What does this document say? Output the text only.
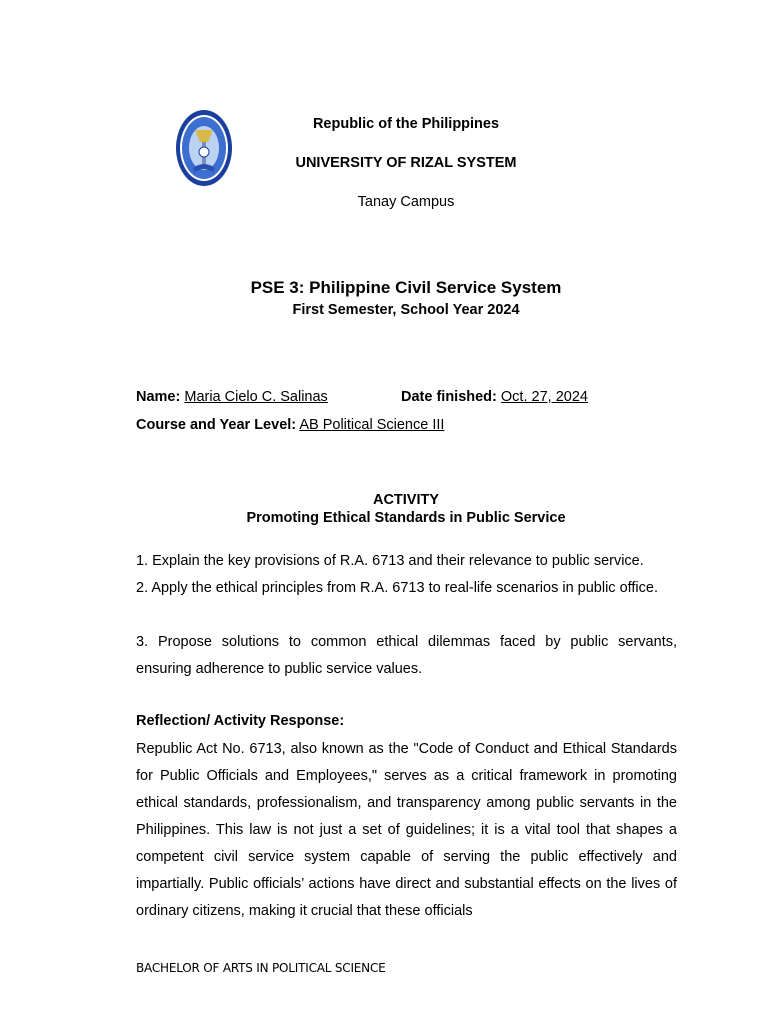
Republic of the Philippines
UNIVERSITY OF RIZAL SYSTEM
Tanay Campus
PSE 3: Philippine Civil Service System
First Semester, School Year 2024
Name: Maria Cielo C. Salinas	Date finished: Oct. 27, 2024
Course and Year Level: AB Political Science III
ACTIVITY
Promoting Ethical Standards in Public Service
1. Explain the key provisions of R.A. 6713 and their relevance to public service.
2. Apply the ethical principles from R.A. 6713 to real-life scenarios in public office.
3. Propose solutions to common ethical dilemmas faced by public servants, ensuring adherence to public service values.
Reflection/ Activity Response:
Republic Act No. 6713, also known as the "Code of Conduct and Ethical Standards for Public Officials and Employees," serves as a critical framework in promoting ethical standards, professionalism, and transparency among public servants in the Philippines. This law is not just a set of guidelines; it is a vital tool that shapes a competent civil service system capable of serving the public effectively and impartially. Public officials’ actions have direct and substantial effects on the lives of ordinary citizens, making it crucial that these officials
BACHELOR OF ARTS IN POLITICAL SCIENCE
